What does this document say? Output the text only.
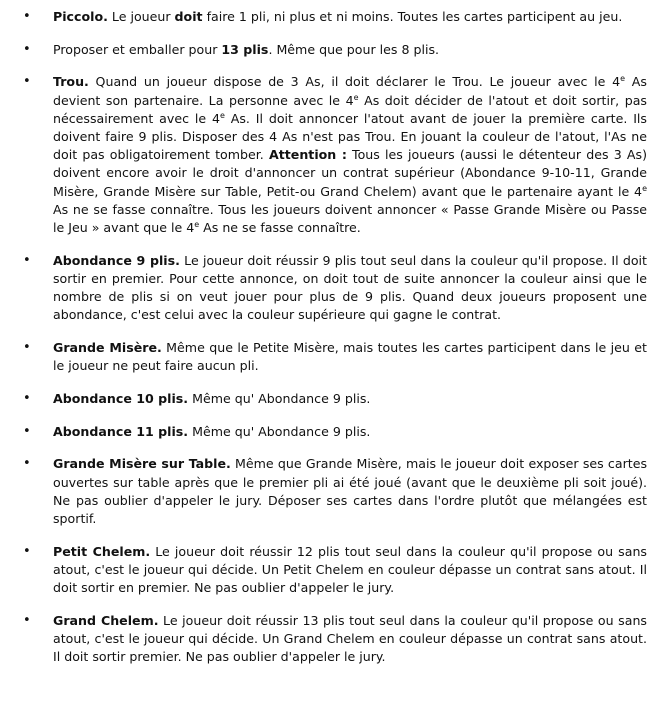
• Piccolo. Le joueur doit faire 1 pli, ni plus et ni moins. Toutes les cartes participent au jeu.
• Proposer et emballer pour 13 plis. Même que pour les 8 plis.
• Trou. Quand un joueur dispose de 3 As, il doit déclarer le Trou. Le joueur avec le 4e As devient son partenaire. La personne avec le 4e As doit décider de l'atout et doit sortir, pas nécessairement avec le 4e As. Il doit annoncer l'atout avant de jouer la première carte. Ils doivent faire 9 plis. Disposer des 4 As n'est pas Trou. En jouant la couleur de l'atout, l'As ne doit pas obligatoirement tomber. Attention : Tous les joueurs (aussi le détenteur des 3 As) doivent encore avoir le droit d'annoncer un contrat supérieur (Abondance 9-10-11, Grande Misère, Grande Misère sur Table, Petit-ou Grand Chelem) avant que le partenaire ayant le 4e As ne se fasse connaître. Tous les joueurs doivent annoncer « Passe Grande Misère ou Passe le Jeu » avant que le 4e As ne se fasse connaître.
• Abondance 9 plis. Le joueur doit réussir 9 plis tout seul dans la couleur qu'il propose. Il doit sortir en premier. Pour cette annonce, on doit tout de suite annoncer la couleur ainsi que le nombre de plis si on veut jouer pour plus de 9 plis. Quand deux joueurs proposent une abondance, c'est celui avec la couleur supérieure qui gagne le contrat.
• Grande Misère. Même que le Petite Misère, mais toutes les cartes participent dans le jeu et le joueur ne peut faire aucun pli.
• Abondance 10 plis. Même qu' Abondance 9 plis.
• Abondance 11 plis. Même qu' Abondance 9 plis.
• Grande Misère sur Table. Même que Grande Misère, mais le joueur doit exposer ses cartes ouvertes sur table après que le premier pli ai été joué (avant que le deuxième pli soit joué). Ne pas oublier d'appeler le jury. Déposer ses cartes dans l'ordre plutôt que mélangées est sportif.
• Petit Chelem. Le joueur doit réussir 12 plis tout seul dans la couleur qu'il propose ou sans atout, c'est le joueur qui décide. Un Petit Chelem en couleur dépasse un contrat sans atout. Il doit sortir en premier. Ne pas oublier d'appeler le jury.
• Grand Chelem. Le joueur doit réussir 13 plis tout seul dans la couleur qu'il propose ou sans atout, c'est le joueur qui décide. Un Grand Chelem en couleur dépasse un contrat sans atout. Il doit sortir premier. Ne pas oublier d'appeler le jury.
